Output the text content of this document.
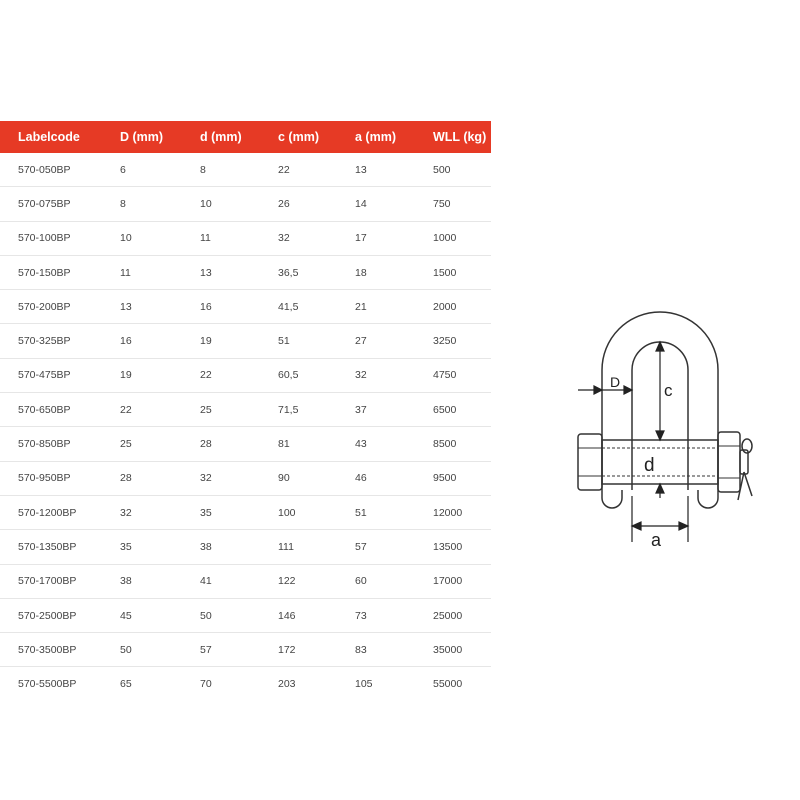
Labelcode	D (mm)	d (mm)	c (mm)	a (mm)	WLL (kg)
570-050BP	6	8	22	13	500
570-075BP	8	10	26	14	750
570-100BP	10	11	32	17	1000
570-150BP	11	13	36,5	18	1500
570-200BP	13	16	41,5	21	2000
570-325BP	16	19	51	27	3250
570-475BP	19	22	60,5	32	4750
570-650BP	22	25	71,5	37	6500
570-850BP	25	28	81	43	8500
570-950BP	28	32	90	46	9500
570-1200BP	32	35	100	51	12000
570-1350BP	35	38	111	57	13500
570-1700BP	38	41	122	60	17000
570-2500BP	45	50	146	73	25000
570-3500BP	50	57	172	83	35000
570-5500BP	65	70	203	105	55000
D	c
d
a
